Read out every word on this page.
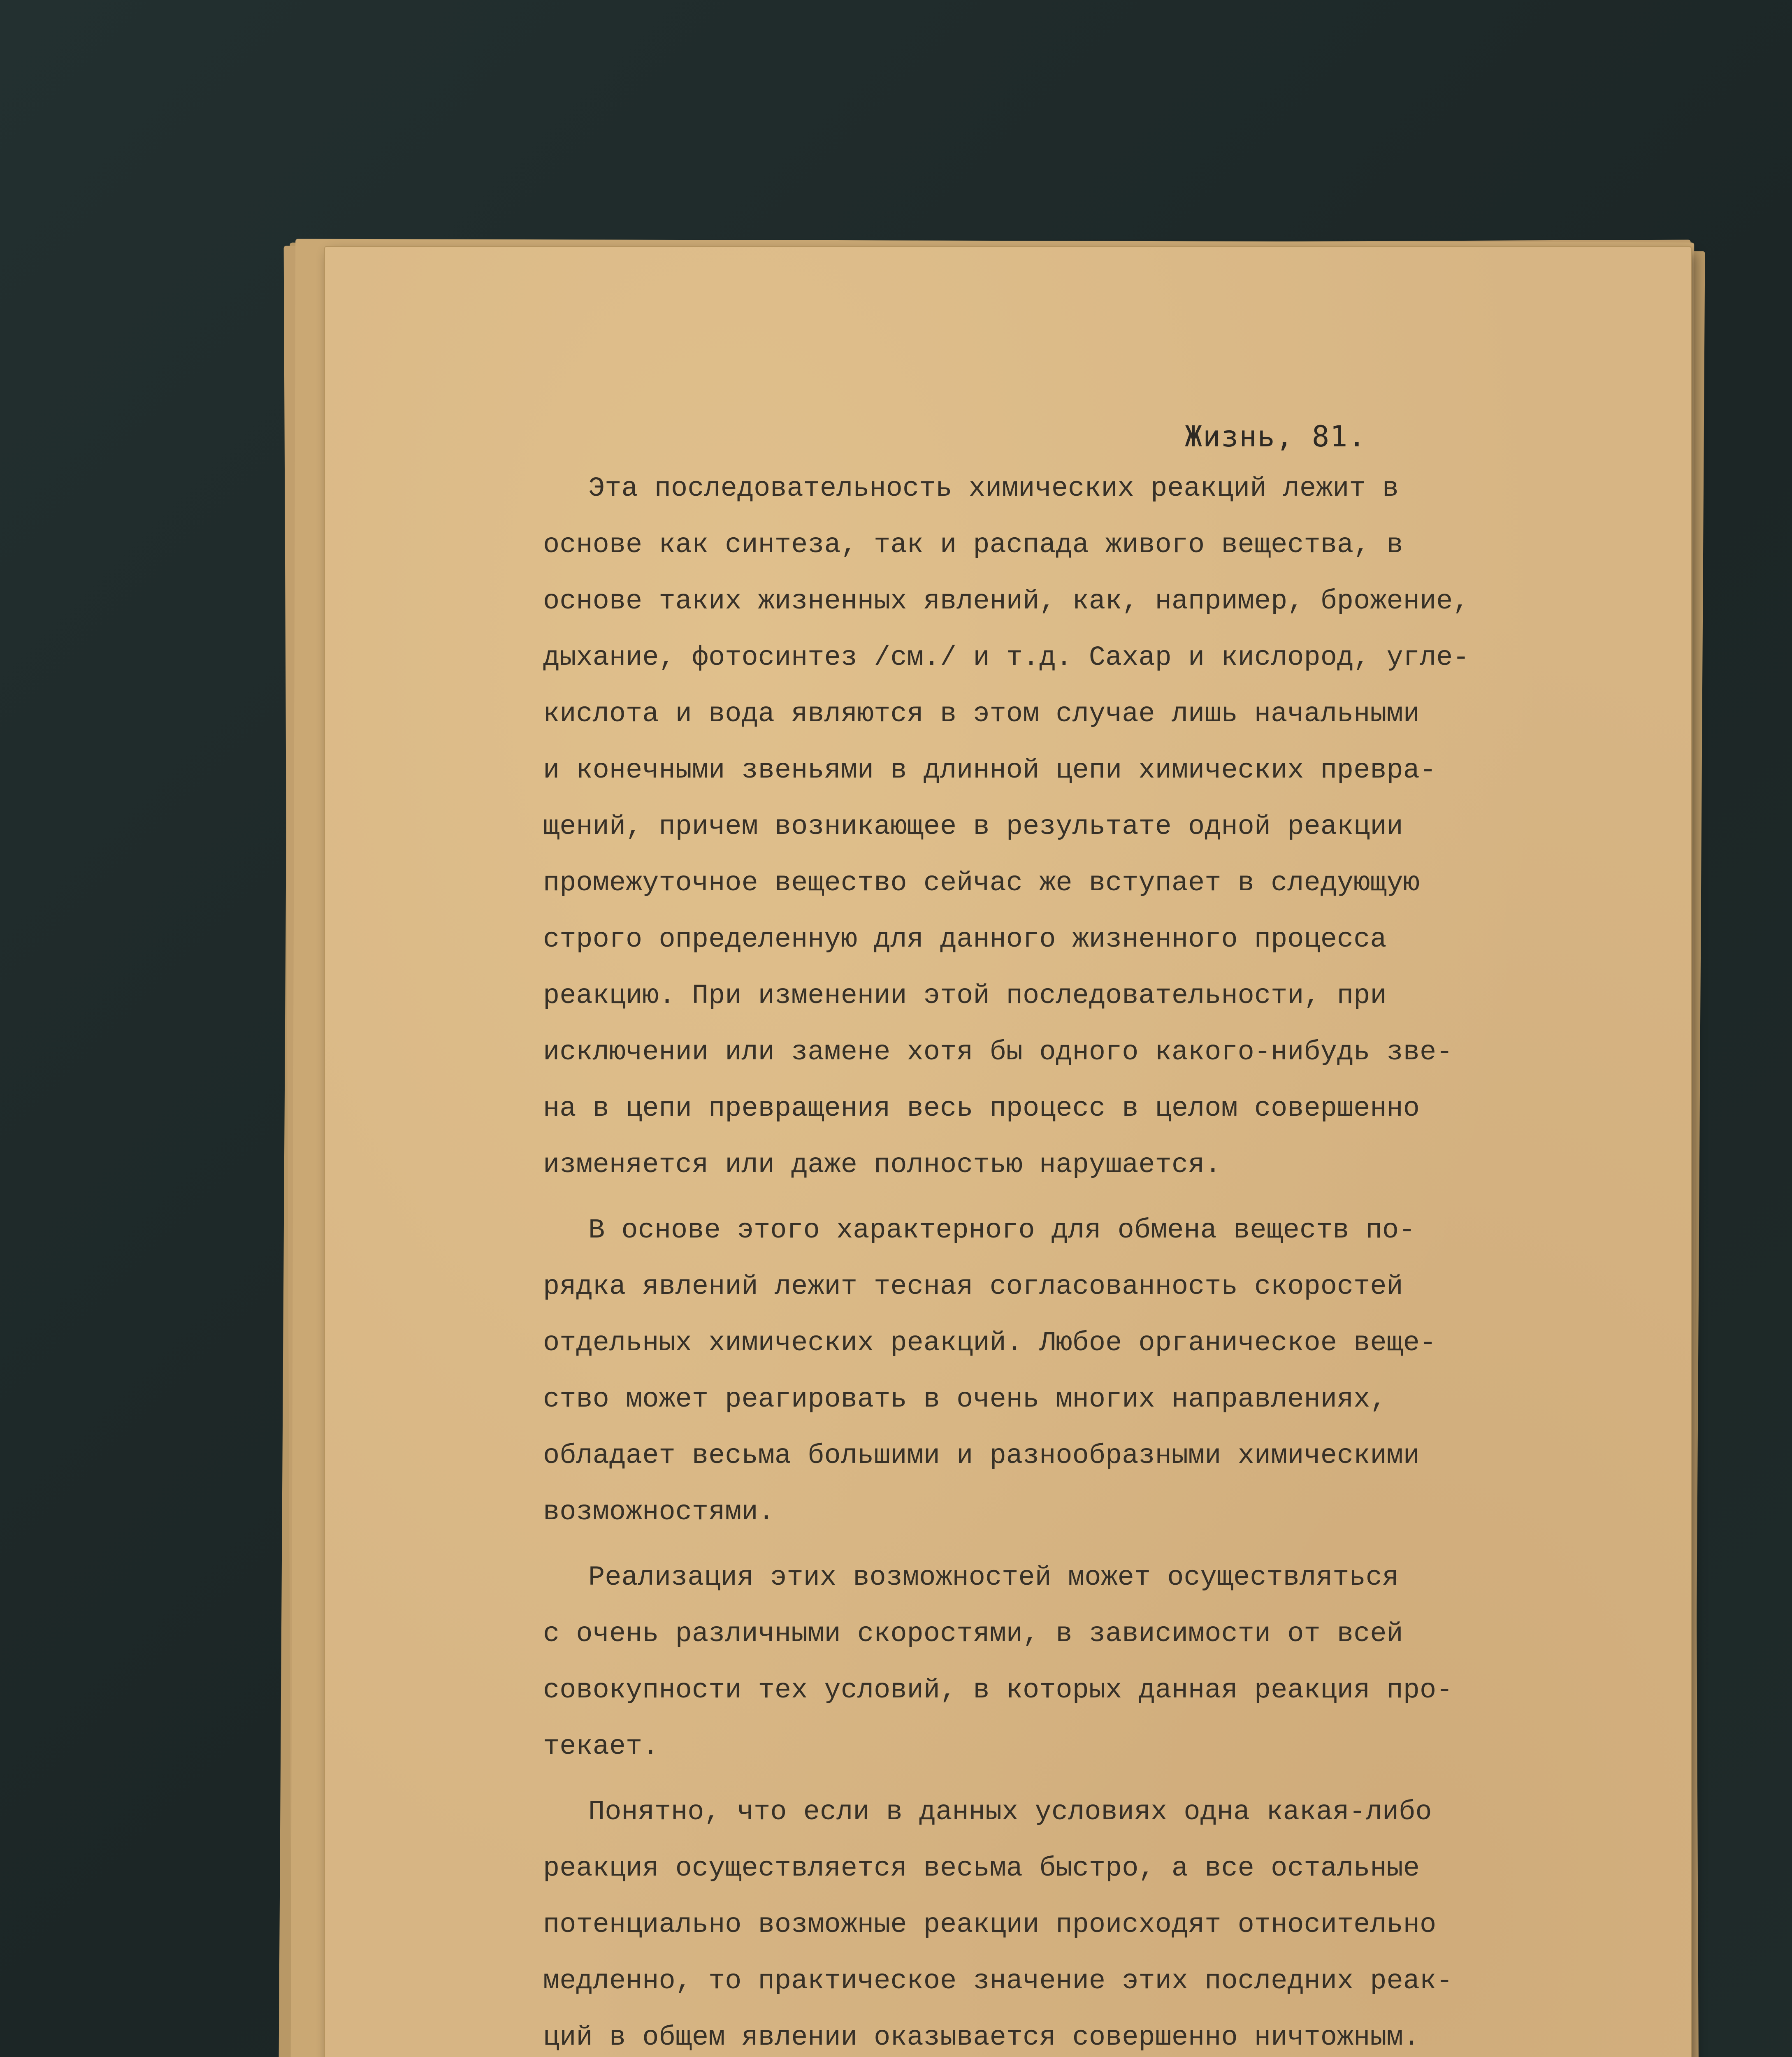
Жизнь, 81.
Эта последовательность химических реакций лежит в
основе как синтеза, так и распада живого вещества, в
основе таких жизненных явлений, как, например, брожение,
дыхание, фотосинтез /см./ и т.д. Сахар и кислород, угле-
кислота и вода являются в этом случае лишь начальными
и конечными звеньями в длинной цепи химических превра-
щений, причем возникающее в результате одной реакции
промежуточное вещество сейчас же вступает в следующую
строго определенную для данного жизненного процесса
реакцию. При изменении этой последовательности, при
исключении или замене хотя бы одного какого-нибудь зве-
на в цепи превращения весь процесс в целом совершенно
изменяется или даже полностью нарушается.
В основе этого характерного для обмена веществ по-
рядка явлений лежит тесная согласованность скоростей
отдельных химических реакций. Любое органическое веще-
ство может реагировать в очень многих направлениях,
обладает весьма большими и разнообразными химическими
возможностями.
Реализация этих возможностей может осуществляться
с очень различными скоростями, в зависимости от всей
совокупности тех условий, в которых данная реакция про-
текает.
Понятно, что если в данных условиях одна какая-либо
реакция осуществляется весьма быстро, а все остальные
потенциально возможные реакции происходят относительно
медленно, то практическое значение этих последних реак-
ций в общем явлении оказывается совершенно ничтожным.
